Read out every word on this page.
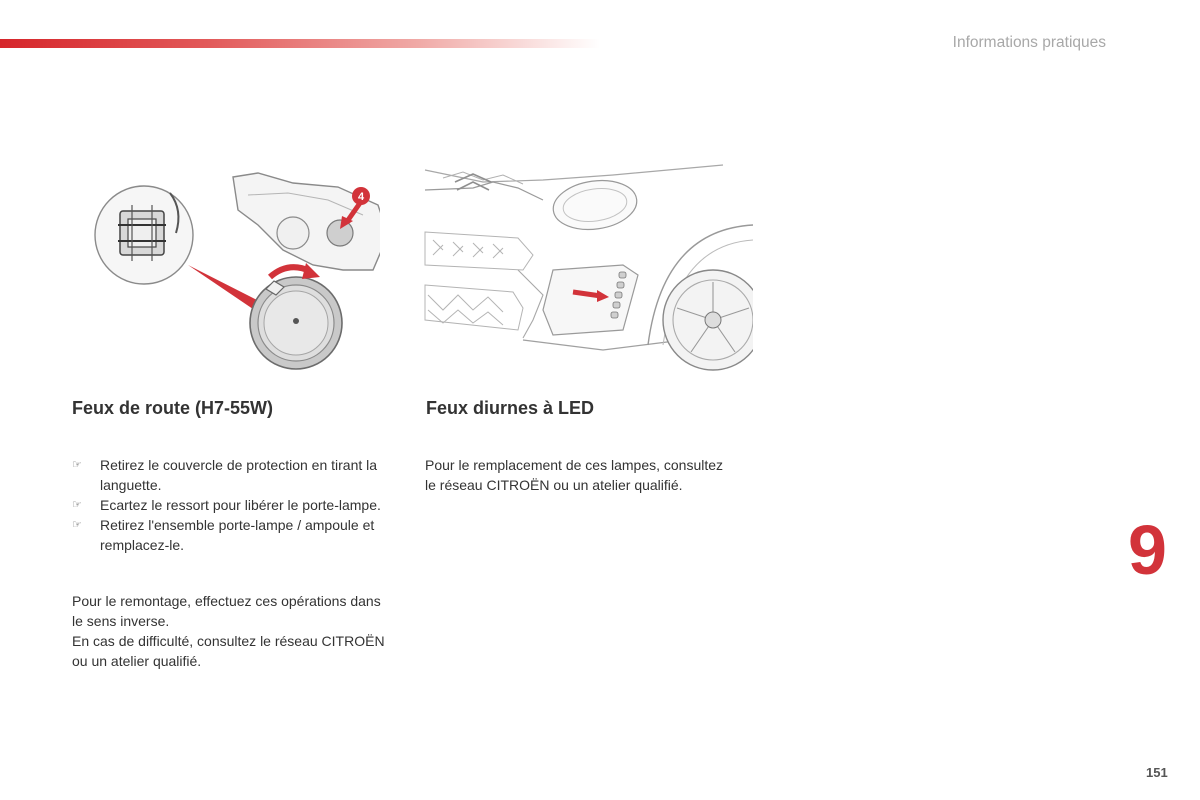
Informations pratiques
4
Feux de route (H7-55W)	Feux diurnes à LED
☞ Retirez le couvercle de protection en tirant la languette.
☞ Ecartez le ressort pour libérer le porte-lampe.
☞ Retirez l'ensemble porte-lampe / ampoule et remplacez-le.

Pour le remontage, effectuez ces opérations dans le sens inverse.
En cas de difficulté, consultez le réseau CITROËN ou un atelier qualifié.

Pour le remplacement de ces lampes, consultez le réseau CITROËN ou un atelier qualifié.

9
151
